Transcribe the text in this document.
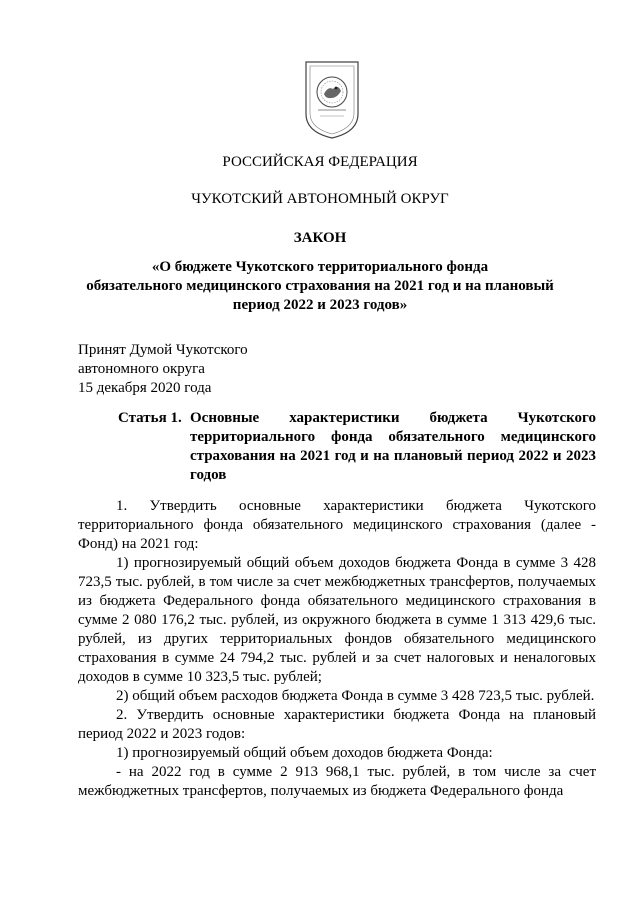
РОССИЙСКАЯ ФЕДЕРАЦИЯ
ЧУКОТСКИЙ АВТОНОМНЫЙ ОКРУГ
ЗАКОН
«О бюджете Чукотского территориального фонда
обязательного медицинского страхования на 2021 год и на плановый
период 2022 и 2023 годов»
Принят Думой Чукотского
автономного округа
15 декабря 2020 года
Статья 1. Основные характеристики бюджета Чукотского территориального фонда обязательного медицинского страхования на 2021 год и на плановый период 2022 и 2023 годов

1. Утвердить основные характеристики бюджета Чукотского территориального фонда обязательного медицинского страхования (далее - Фонд) на 2021 год:

1) прогнозируемый общий объем доходов бюджета Фонда в сумме 3 428 723,5 тыс. рублей, в том числе за счет межбюджетных трансфертов, получаемых из бюджета Федерального фонда обязательного медицинского страхования в сумме 2 080 176,2 тыс. рублей, из окружного бюджета в сумме 1 313 429,6 тыс. рублей, из других территориальных фондов обязательного медицинского страхования в сумме 24 794,2 тыс. рублей и за счет налоговых и неналоговых доходов в сумме 10 323,5 тыс. рублей;

2) общий объем расходов бюджета Фонда в сумме 3 428 723,5 тыс. рублей.

2. Утвердить основные характеристики бюджета Фонда на плановый период 2022 и 2023 годов:

1) прогнозируемый общий объем доходов бюджета Фонда:

- на 2022 год в сумме 2 913 968,1 тыс. рублей, в том числе за счет межбюджетных трансфертов, получаемых из бюджета Федерального фонда
